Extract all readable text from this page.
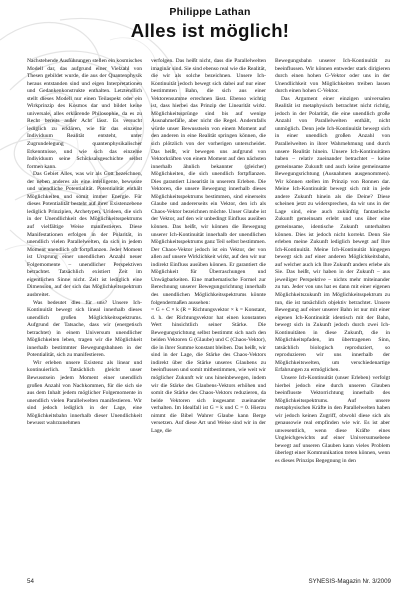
Philippe Lathan
Alles ist möglich!

Nachstehende Ausführungen stellen ein kosmisches Modell dar, das aufgrund einer Vielzahl von Thesen gebildet wurde, die aus der Quantenphysik heraus entstanden sind und eigen Interpretationen und Gedankenkonstrukte enthalten. Letztendlich stellt dieses Modell nur einen Teilaspekt oder ein Wirkprinzip des Kosmos dar und bildet keine universale, alles erklärende Philosophie, da es zu Recht bereits außer Acht lässt. Es versucht lediglich zu erklären, wie für das einzelne Individuum Realität entsteht, unter Zugrundelegung quantenphysikalischer Erkenntnisse, und wie sich das einzelne Individuum seine Schicksalsgeschichte selbst formen kann.

Das Gebiet Alles, was wir als Gott bezeichnen, der neben anderes als eine intelligente, bewusste und unendliche Potentialität. Potentialität enthält Möglichkeiten und somit immer Energie. Für dieses Potentialität besteht auf ihrer Existenzebene lediglich Prinzipien, Archetypen, Urideen, die sich in der Unendlichkeit des Möglichkeitsspektrums auf vielfältige Weise manifestieren. Diese Manifestationen erfolgen in der Polarität, in unendlich vielen Parallelwelten, da sich in jedem Moment unendlich oft fortpflanzen. Jeder Moment ist Ursprung einer unendlichen Anzahl neuer Folgemomente – unendlicher Perspektiven betrachtet. Tatsächlich existiert Zeit im eigentlichen Sinne nicht. Zeit ist lediglich eine Dimension, auf der sich das Möglichkeitsspektrum ausbreitet.

Was bedeutet dies für uns? Unsere Ich-Kontinuität bewegt sich lineal innerhalb dieses unendlich großen Möglichkeitsspektrums. Aufgrund der Tatsache, dass wir (energetisch betrachtet) in einem Universum unendlicher Möglichkeiten leben, tragen wir die Möglichkeit innerhalb bestimmter Bewegungsbahnen in der Potentialität, sich zu manifestieren.

Wir erleben unsere Existenz als linear und kontinuierlich. Tatsächlich gleicht unser Bewusstsein jedem Moment einer unendlich großen Anzahl von Nachkommen, für die sich sie aus dem Inhalt jedem möglicher Folgemomente in unendlich vielen Parallelwelten manifestieren. Wir sind jedoch lediglich in der Lage, eine Möglichkeitsbahn innerhalb dieser Unendlichkeit bewusst wahrzunehmen

verfolgen. Das heißt nicht, dass die Parallelwelten imaginär sind. Sie sind ebenso real wie die Realität, die wir als solche bezeichnen. Unsere Ich-Kontinuität jedoch bewegt sich dabei auf nur einer bestimmten Bahn, die sich aus einer Vektorensumme errechnen lässt. Ebenso wichtig ist, dass hierbei das Prinzip der Linearität wirkt. Möglichkeitssprünge sind bis auf wenige Ausnahmefälle, aber nicht die Regel. Andernfalls würde unser Bewusstsein von einem Moment auf den anderen in eine Realität springen können, die sich plötzlich von der vorherigen unterscheidet. Das heißt, wir bewegen uns aufgrund von Vektorkräften von einem Moment auf den nächsten innerhalb ähnlich bekannter (gleicher) Möglichkeiten, die sich unendlich fortpflanzen. Dies garantiert Linearität in unserem Erleben. Die Vektoren, die unsere Bewegung innerhalb dieses Möglichkeitsspektrums bestimmen, sind einerseits Glaube und andererseits ein Vektor, den ich als Chaos-Vektor bezeichnen möchte. Unser Glaube ist der Vektor, auf den wir unbedingt Einfluss ausüben können. Das heißt, wir können die Bewegung unserer Ich-Kontinuität innerhalb der unendlichen Möglichkeitsspektrums ganz Teil selbst bestimmen. Der Chaos-Vektor jedoch ist ein Vektor, der von allen auf unsere Wirklichkeit wirkt, auf den wir nur indirekt Einfluss ausüben können. Er garantiert die Möglichkeit für Überraschungen und Unwägbarkeiten. Eine mathematische Formel zur Berechnung unserer Bewegungsrichtung innerhalb des unendlichen Möglichkeitsspektrums könnte folgendermaßen aussehen:

= G + C × k (R = Richtungsvektor × k = Konstant, d. h. der Richtungsvektor hat einen konstanten Wert hinsichtlich seiner Stärke. Die Bewegungsrichtung selbst bestimmt sich nach den beiden Vektoren G (Glaube) und C (Chaos-Vektor), die in ihrer Summe konstant bleiben. Das heißt, wir sind in der Lage, die Stärke des Chaos-Vektors indirekt über die Stärke unseres Glaubens zu beeinflussen und somit mitbestimmen, wie weit wir möglicher Zukunft wir uns hineinbewegen, indem wir die Stärke des Glaubens-Vektors erhöhen und somit die Stärke des Chaos-Vektors reduzieren, da beide Vektoren sich insgesamt zueinander verhalten. Im Idealfall ist G = k und C = 0. Hierzu nimmt die Bibel Wahrer Glaube kann Berge versetzen. Auf diese Art und Weise sind wir in der Lage, die

Bewegungsbahn unserer Ich-Kontinuität zu beeinflussen. Wir können entweder stark dirigieren durch einen hohen G-Vektor oder uns in der Unendlichkeit von Möglichkeiten treiben lassen durch einen hohen C-Vektor.

Das Argument einer einzigen universalen Realität ist metaphysisch betrachtet nicht richtig, jedoch in der Polarität, die eine unendlich große Anzahl von Parallelwelten enthält, nicht unmöglich. Denn jede Ich-Kontinuität bewegt sich in einer unendlich großen Anzahl von Parallelwelten in ihrer Wahrnehmung und durch unsere Realität hinein. Unsere Ich-Kontinuitäten haben – relativ zueinander betrachtet – keine gemeinsame Zukunft und auch keine gemeinsame Bewegungsrichtung (Ausnahmen ausgenommen). Wir können stellen im Prinzip von Ronnen dar. Meine Ich-Kontinuität bewegt sich mit in jede andere Zukunft hinein als die Deine? Diese scheinen jetzt zu widersprechen, da wir uns in der Lage sind, eine auch zukünftig fantastische Zukunft gemeinsam erlebt und uns über eine gemeinsame, identische Zukunft unterhalten können. Dies ist jedoch nicht korrekt. Denn Sie erleben meine Zukunft lediglich bewegt auf Ihre Ich-Kontinuität. Meine Ich-Kontinuität hingegen bewegt sich auf einer anderen Möglichkeitsbahn, auf welcher auch ich Ihre Zukunft anders erlebe als Sie. Das heißt, wir haben in der Zukunft – aus jeweiliger Perspektive – nichts mehr miteinander zu tun. Jeder von uns hat es dann mit einer eigenen Möglichkeitszukunft im Möglichkeitsspektrum zu tun, die ist tatsächlich objektiv betrachtet. Unsere Bewegung auf einer unserer Bahn ist nur mit einer eigenen Ich-Kontinuität identisch mit der Bahn, bewegt sich in Zukunft jedoch durch zwei Ich-Kontinuitäten in diese Zukunft, die in Möglichkeitspfaden, im übertragenen Sinn, tatsächlich biologisch reproduziert, so reproduzieren wir uns innerhalb der Möglichkeitswelten, um verschiedenartige Erfahrungen zu ermöglichen.

Unsere Ich-Kontinuität (unser Erleben) verfolgt hierbei jedoch eine durch unseren Glauben beeinflusste Vektorrichtung innerhalb des Möglichkeitsspektrums. Auf unsere metaphysischen Kräfte in den Parallelwelten haben wir jedoch keinen Zugriff, obwohl diese sich als genausowie real empfinden wie wir. Es ist aber unwesentlich, wenn diese Kräfte eines Ungleichgewichts auf einer Universumsebene bewegt auf unseren Glauben kann vieles Problem überlegt einer Kommunikation treten können, wenn es dieses Prinzips Begegnung in den

54	SYNESIS-Magazin Nr. 3/2009
